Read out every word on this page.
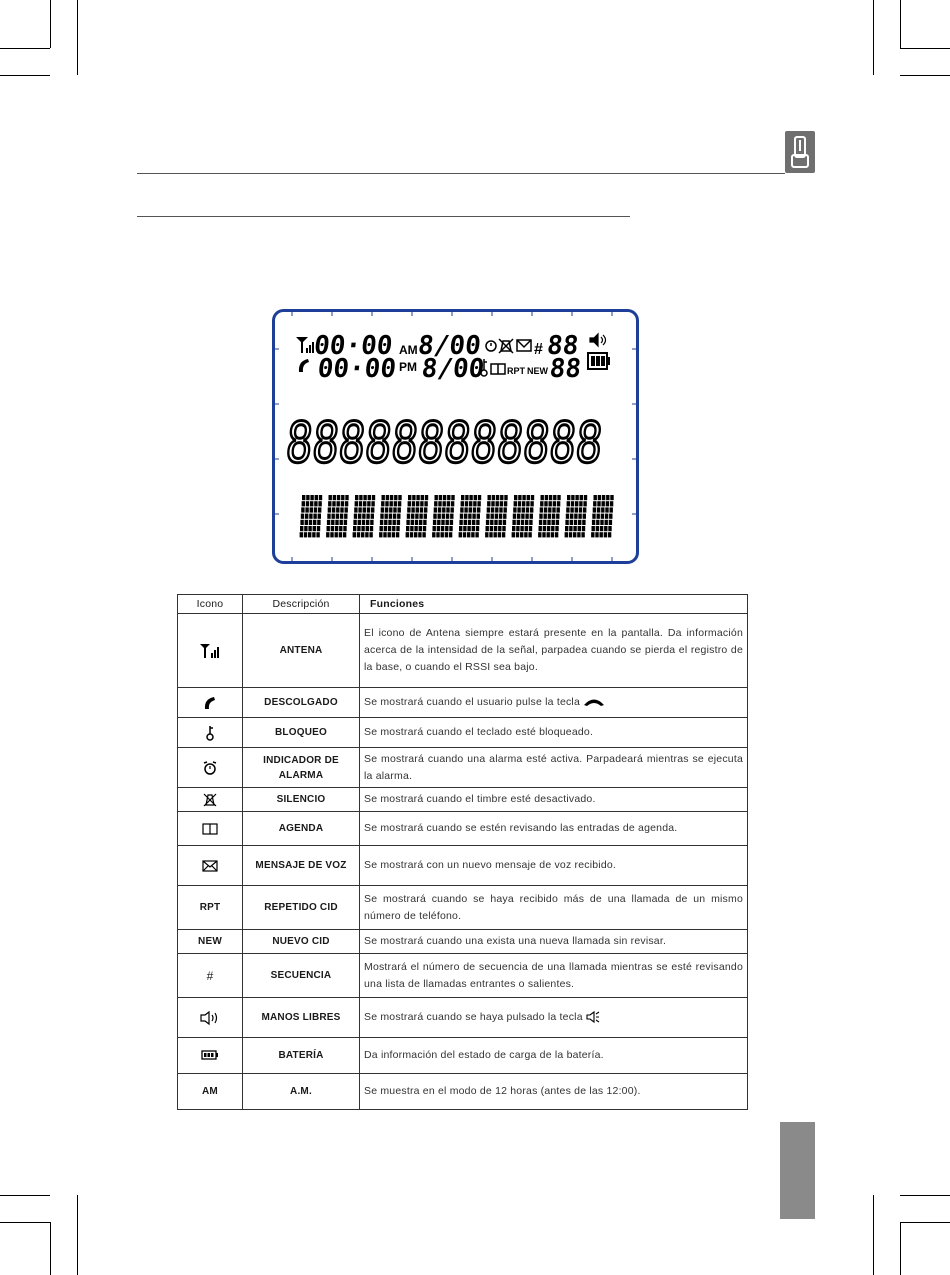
00·00
00·00
AM
PM
8/00
8/00
#
RPT NEW
88
88
888888888888
Icono	Descripción	Funciones
	ANTENA	El icono de Antena siempre estará presente en la pantalla. Da información acerca de la intensidad de la señal, parpadea cuando se pierda el registro de la base, o cuando el RSSI sea bajo.
	DESCOLGADO	Se mostrará cuando el usuario pulse la tecla
	BLOQUEO	Se mostrará cuando el teclado esté bloqueado.
	INDICADOR DE ALARMA	Se mostrará cuando una alarma esté activa. Parpadeará mientras se ejecuta la alarma.
	SILENCIO	Se mostrará cuando el timbre esté desactivado.
	AGENDA	Se mostrará cuando se estén revisando las entradas de agenda.
	MENSAJE DE VOZ	Se mostrará con un nuevo mensaje de voz recibido.
RPT	REPETIDO CID	Se mostrará cuando se haya recibido más de una llamada de un mismo número de teléfono.
NEW	NUEVO CID	Se mostrará cuando una exista una nueva llamada sin revisar.
#	SECUENCIA	Mostrará el número de secuencia de una llamada mientras se esté revisando una lista de llamadas entrantes o salientes.
	MANOS LIBRES	Se mostrará cuando se haya pulsado la tecla
	BATERÍA	Da información del estado de carga de la batería.
AM	A.M.	Se muestra en el modo de 12 horas (antes de las 12:00).
